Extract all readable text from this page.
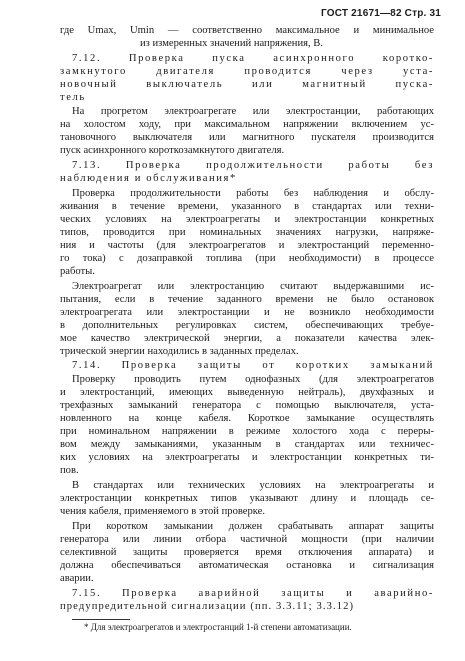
ГОСТ 21671—82 Стр. 31
где Umax, Umin — соответственно максимальное и минимальное
из измеренных значений напряжения, В.
7.12. Проверка пуска асинхронного коротко-
замкнутого двигателя проводится через уста-
новочный выключатель или магнитный пуска-
тель
На прогретом электроагрегате или электростанции, работающих
на холостом ходу, при максимальном напряжении включением ус-
тановочного выключателя или магнитного пускателя производится
пуск асинхронного короткозамкнутого двигателя.
7.13. Проверка продолжительности работы без
наблюдения и обслуживания*
Проверка продолжительности работы без наблюдения и обслу-
живания в течение времени, указанного в стандартах или техни-
ческих условиях на электроагрегаты и электростанции конкретных
типов, проводится при номинальных значениях нагрузки, напряже-
ния и частоты (для электроагрегатов и электростанций переменно-
го тока) с дозаправкой топлива (при необходимости) в процессе
работы.
Электроагрегат или электростанцию считают выдержавшими ис-
пытания, если в течение заданного времени не было остановок
электроагрегата или электростанции и не возникло необходимости
в дополнительных регулировках систем, обеспечивающих требуе-
мое качество электрической энергии, а показатели качества элек-
трической энергии находились в заданных пределах.
7.14. Проверка защиты от коротких замыканий
Проверку проводить путем однофазных (для электроагрегатов
и электростанций, имеющих выведенную нейтраль), двухфазных и
трехфазных замыканий генератора с помощью выключателя, уста-
новленного на конце кабеля. Короткое замыкание осуществлять
при номинальном напряжении в режиме холостого хода с переры-
вом между замыканиями, указанным в стандартах или техничес-
ких условиях на электроагрегаты и электростанции конкретных ти-
пов.
В стандартах или технических условиях на электроагрегаты и
электростанции конкретных типов указывают длину и площадь се-
чения кабеля, применяемого в этой проверке.
При коротком замыкании должен срабатывать аппарат защиты
генератора или линии отбора частичной мощности (при наличии
селективной защиты проверяется время отключения аппарата) и
должна обеспечиваться автоматическая остановка и сигнализация
аварии.
7.15. Проверка аварийной защиты и аварийно-
предупредительной сигнализации (пп. 3.3.11; 3.3.12)
* Для электроагрегатов и электростанций 1-й степени автоматизации.
